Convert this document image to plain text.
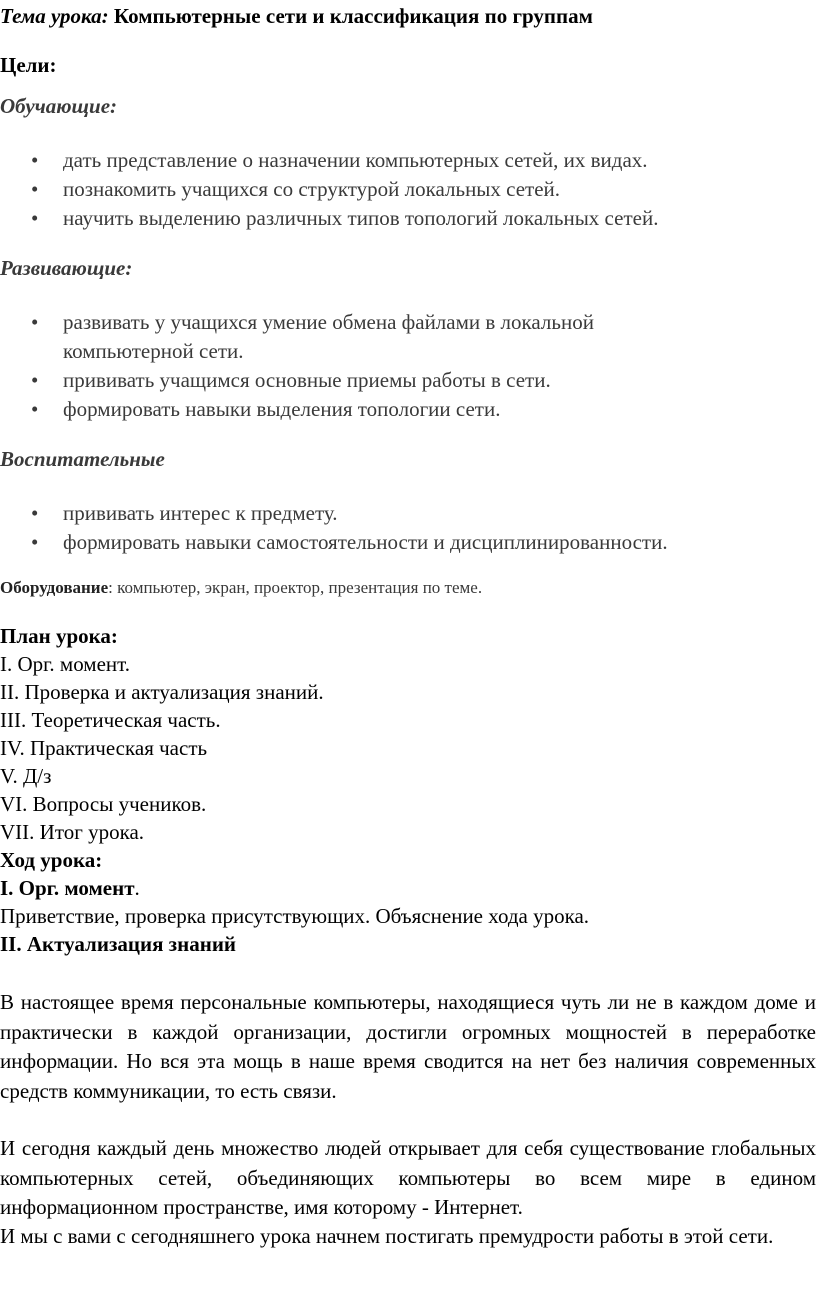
Тема урока: Компьютерные сети и классификация по группам
Цели:
Обучающие:
• дать представление о назначении компьютерных сетей, их видах.
• познакомить учащихся со структурой локальных сетей.
• научить выделению различных типов топологий локальных сетей.
Развивающие:
• развивать у учащихся умение обмена файлами в локальной
компьютерной сети.
• прививать учащимся основные приемы работы в сети.
• формировать навыки выделения топологии сети.
Воспитательные
• прививать интерес к предмету.
• формировать навыки самостоятельности и дисциплинированности.
Оборудование: компьютер, экран, проектор, презентация по теме.
План урока:
I. Орг. момент.
II. Проверка и актуализация знаний.
III. Теоретическая часть.
IV. Практическая часть
V. Д/з
VI. Вопросы учеников.
VII. Итог урока.
Ход урока:
I. Орг. момент.
Приветствие, проверка присутствующих. Объяснение хода урока.
II. Актуализация знаний

В настоящее время персональные компьютеры, находящиеся чуть ли не в каждом доме и практически в каждой организации, достигли огромных мощностей в переработке информации. Но вся эта мощь в наше время сводится на нет без наличия современных средств коммуникации, то есть связи.

И сегодня каждый день множество людей открывает для себя существование глобальных компьютерных сетей, объединяющих компьютеры во всем мире в едином информационном пространстве, имя которому - Интернет.

И мы с вами с сегодняшнего урока начнем постигать премудрости работы в этой сети.
